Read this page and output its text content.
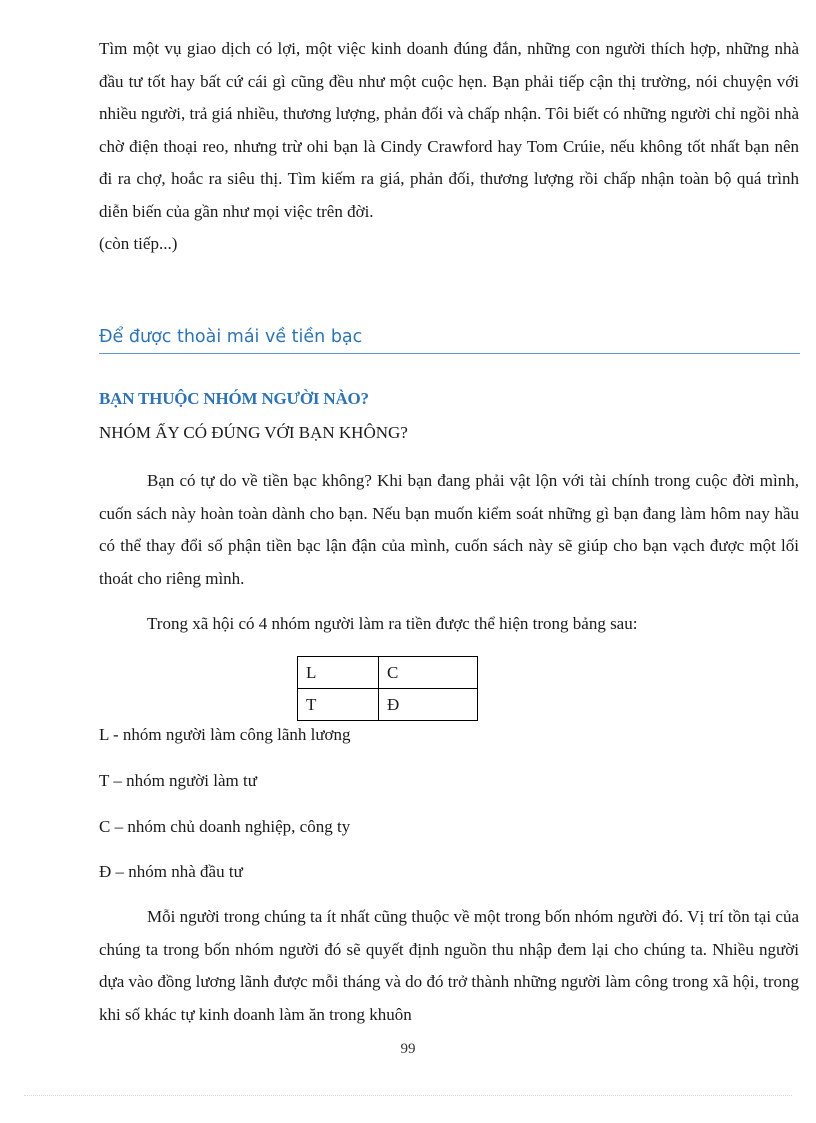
Tìm một vụ giao dịch có lợi, một việc kinh doanh đúng đắn, những con người thích hợp, những nhà đầu tư tốt hay bất cứ cái gì cũng đều như một cuộc hẹn. Bạn phải tiếp cận thị trường, nói chuyện với nhiều người, trả giá nhiều, thương lượng, phản đối và chấp nhận. Tôi biết có những người chỉ ngồi nhà chờ điện thoại reo, nhưng trừ ohi bạn là Cindy Crawford hay Tom Crúie, nếu không tốt nhất bạn nên đi ra chợ, hoắc ra siêu thị. Tìm kiếm ra giá, phản đối, thương lượng rồi chấp nhận toàn bộ quá trình diễn biến của gần như mọi việc trên đời.

(còn tiếp...)

Để được thoài mái về tiền bạc
BẠN THUỘC NHÓM NGƯỜI NÀO?
NHÓM ẤY CÓ ĐÚNG VỚI BẠN KHÔNG?

Bạn có tự do về tiền bạc không? Khi bạn đang phải vật lộn với tài chính trong cuộc đời mình, cuốn sách này hoàn toàn dành cho bạn. Nếu bạn muốn kiểm soát những gì bạn đang làm hôm nay hầu có thể thay đổi số phận tiền bạc lận đận của mình, cuốn sách này sẽ giúp cho bạn vạch được một lối thoát cho riêng mình.

Trong xã hội có 4 nhóm người làm ra tiền được thể hiện trong bảng sau:
L	C
T	Đ
L - nhóm người làm công lãnh lương
T – nhóm người làm tư
C – nhóm chủ doanh nghiệp, công ty
Đ – nhóm nhà đầu tư

Mỗi người trong chúng ta ít nhất cũng thuộc về một trong bốn nhóm người đó. Vị trí tồn tại của chúng ta trong bốn nhóm người đó sẽ quyết định nguồn thu nhập đem lại cho chúng ta. Nhiều người dựa vào đồng lương lãnh được mỗi tháng và do đó trở thành những người làm công trong xã hội, trong khi số khác tự kinh doanh làm ăn trong khuôn

99
